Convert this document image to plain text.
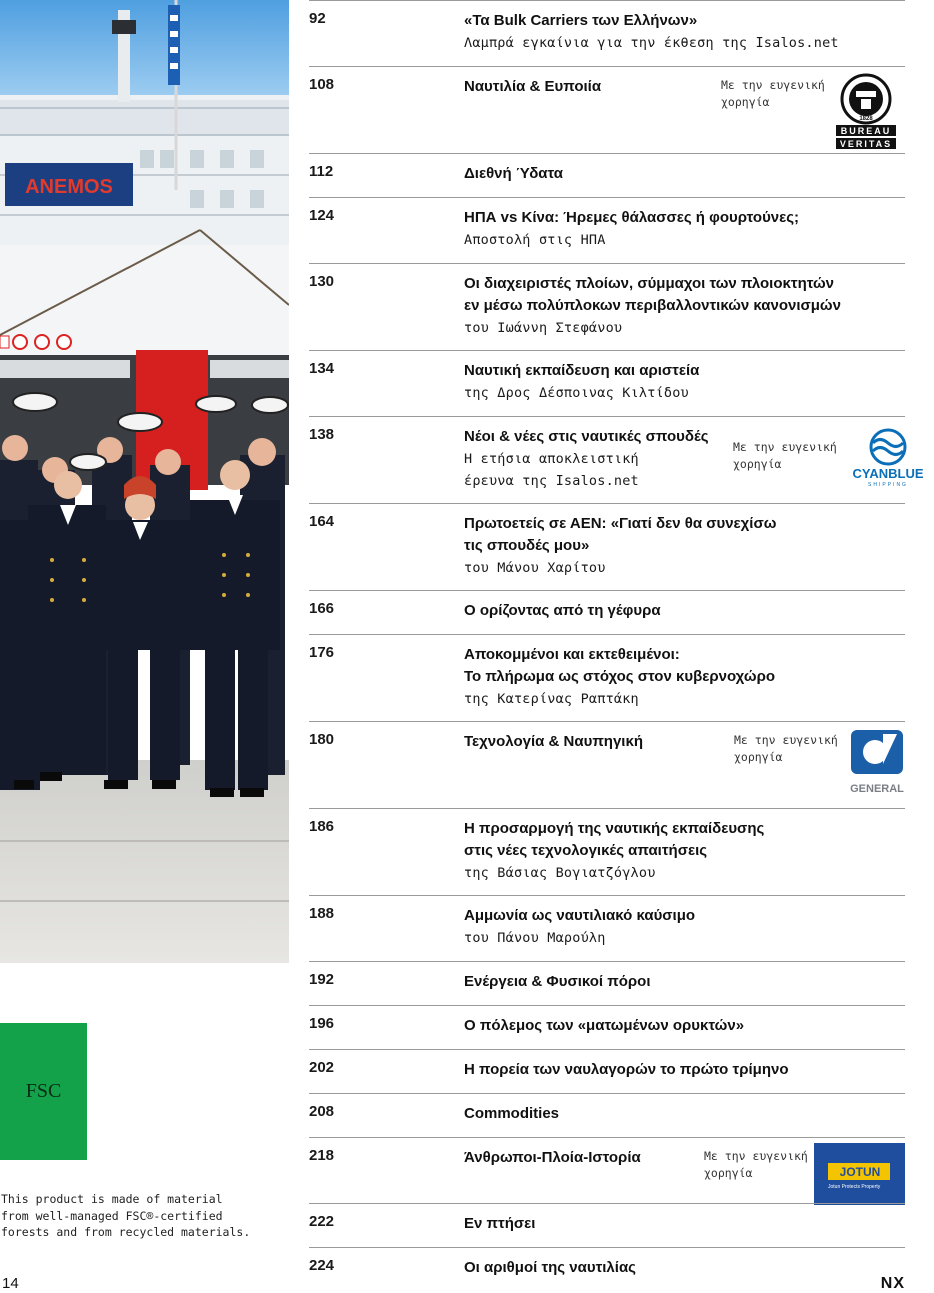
ANEMOS
FSC
This product is made of material
from well-managed FSC®-certified
forests and from recycled materials.
14	NX
92	«Τα Bulk Carriers των Ελλήνων»
Λαμπρά εγκαίνια για την έκθεση της Isalos.net
108	Ναυτιλία & Ευποιία	Με την ευγενική
χορηγία
1828
BUREAU
VERITAS
112	Διεθνή Ύδατα
124	ΗΠΑ vs Κίνα: Ήρεμες θάλασσες ή φουρτούνες;
Αποστολή στις ΗΠΑ
130	Οι διαχειριστές πλοίων, σύμμαχοι των πλοιοκτητών
εν μέσω πολύπλοκων περιβαλλοντικών κανονισμών
του Ιωάννη Στεφάνου
134	Ναυτική εκπαίδευση και αριστεία
της Δρος Δέσποινας Κιλτίδου
138	Νέοι & νέες στις ναυτικές σπουδές
Η ετήσια αποκλειστική
έρευνα της Isalos.net
Με την ευγενική
χορηγία
CYANBLUE
SHIPPING
164	Πρωτοετείς σε ΑΕΝ: «Γιατί δεν θα συνεχίσω
τις σπουδές μου»
του Μάνου Χαρίτου
166	Ο ορίζοντας από τη γέφυρα
176	Αποκομμένοι και εκτεθειμένοι:
Το πλήρωμα ως στόχος στον κυβερνοχώρο
της Κατερίνας Ραπτάκη
180	Τεχνολογία & Ναυπηγική	Με την ευγενική
χορηγία
GENERAL
186	Η προσαρμογή της ναυτικής εκπαίδευσης
στις νέες τεχνολογικές απαιτήσεις
της Βάσιας Βογιατζόγλου
188	Αμμωνία ως ναυτιλιακό καύσιμο
του Πάνου Μαρούλη
192	Ενέργεια & Φυσικοί πόροι
196	Ο πόλεμος των «ματωμένων ορυκτών»
202	Η πορεία των ναυλαγορών το πρώτο τρίμηνο
208	Commodities
218	Άνθρωποι-Πλοία-Ιστορία	Με την ευγενική
χορηγία	JOTUN
Jotun Protects Property
222	Εν πτήσει
224	Οι αριθμοί της ναυτιλίας
